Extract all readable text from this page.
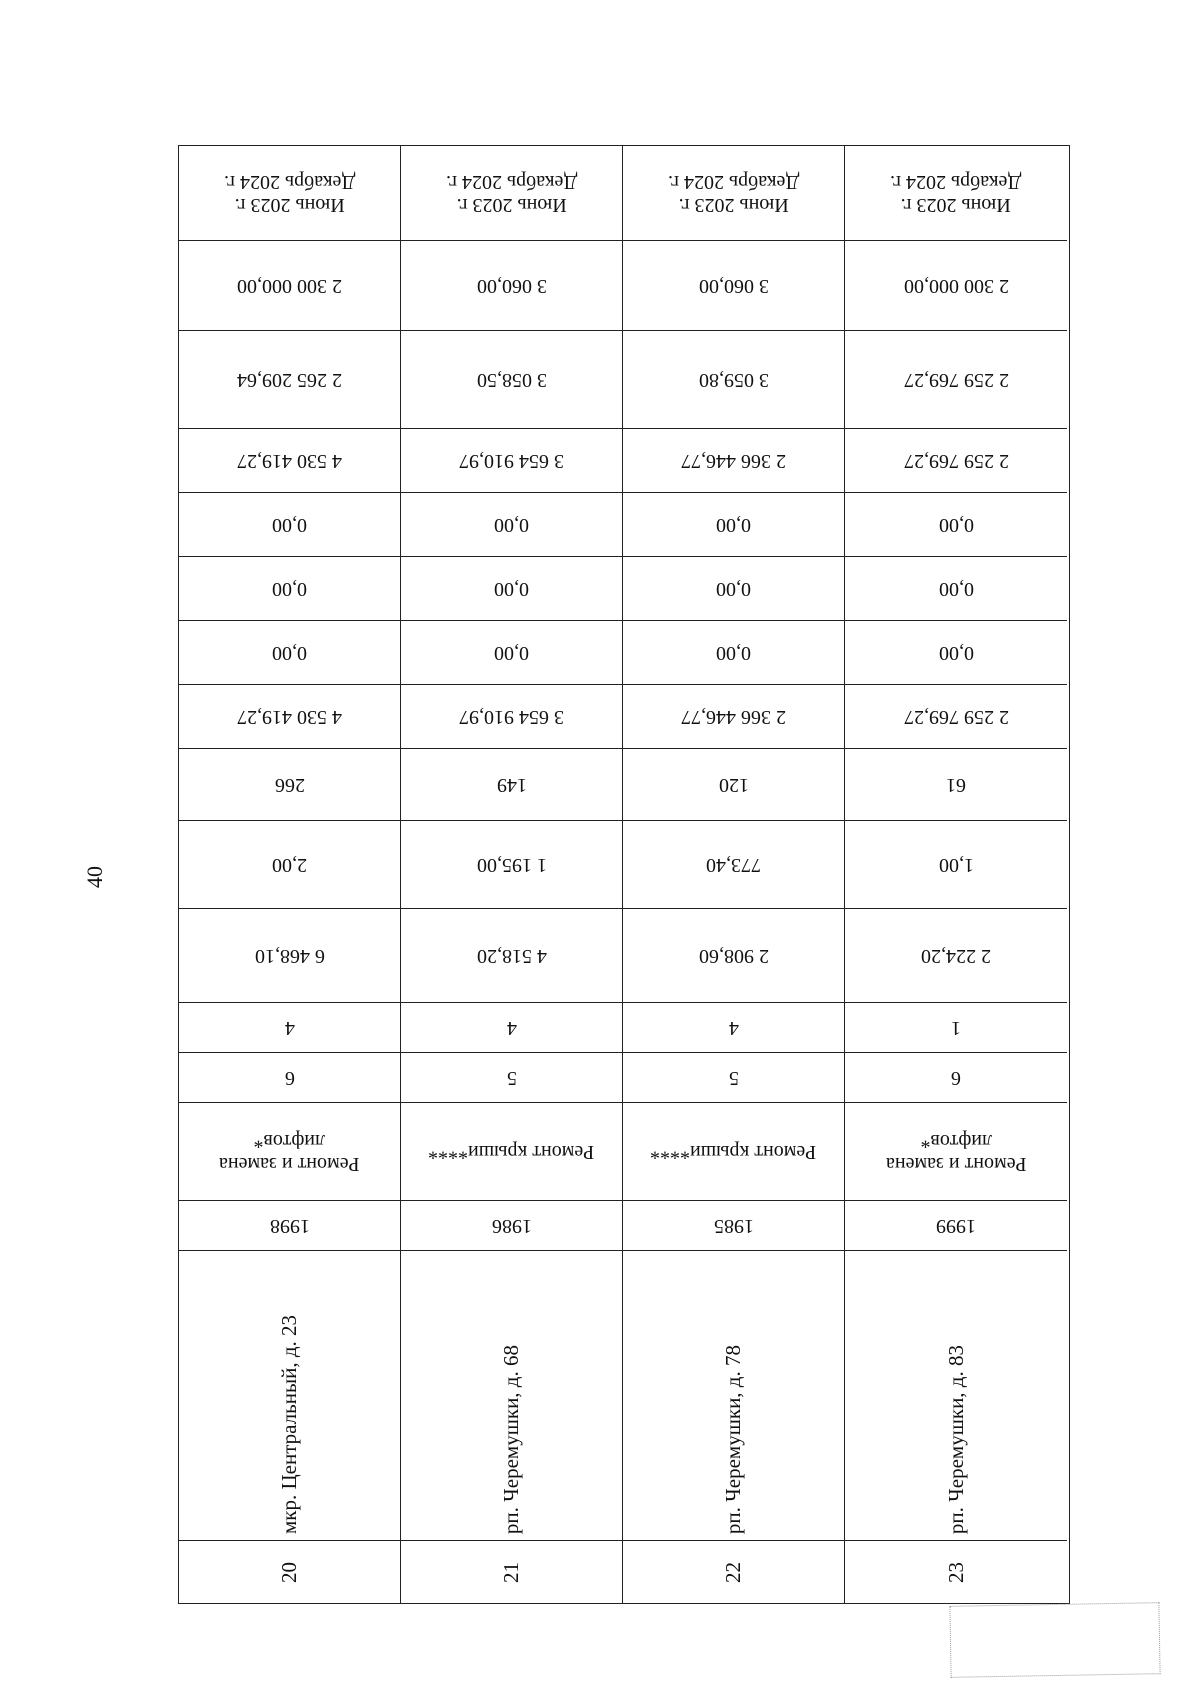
40
Июнь 2023 г.
Декабрь 2024 г.
2 300 000,00
2 265 209,64
4 530 419,27
0,00
0,00
0,00
4 530 419,27
266
2,00
6 468,10
4
6
Ремонт и замена
лифтов*
1998
мкр. Центральный, д. 23
20
Июнь 2023 г.
Декабрь 2024 г.
3 060,00
3 058,50
3 654 910,97
0,00
0,00
0,00
3 654 910,97
149
1 195,00
4 518,20
4
5
Ремонт крыши****
1986
рп. Черемушки, д. 68
21
Июнь 2023 г.
Декабрь 2024 г.
3 060,00
3 059,80
2 366 446,77
0,00
0,00
0,00
2 366 446,77
120
773,40
2 908,60
4
5
Ремонт крыши****
1985
рп. Черемушки, д. 78
22
Июнь 2023 г.
Декабрь 2024 г.
2 300 000,00
2 259 769,27
2 259 769,27
0,00
0,00
0,00
2 259 769,27
61
1,00
2 224,20
1
6
Ремонт и замена
лифтов*
1999
рп. Черемушки, д. 83
23
